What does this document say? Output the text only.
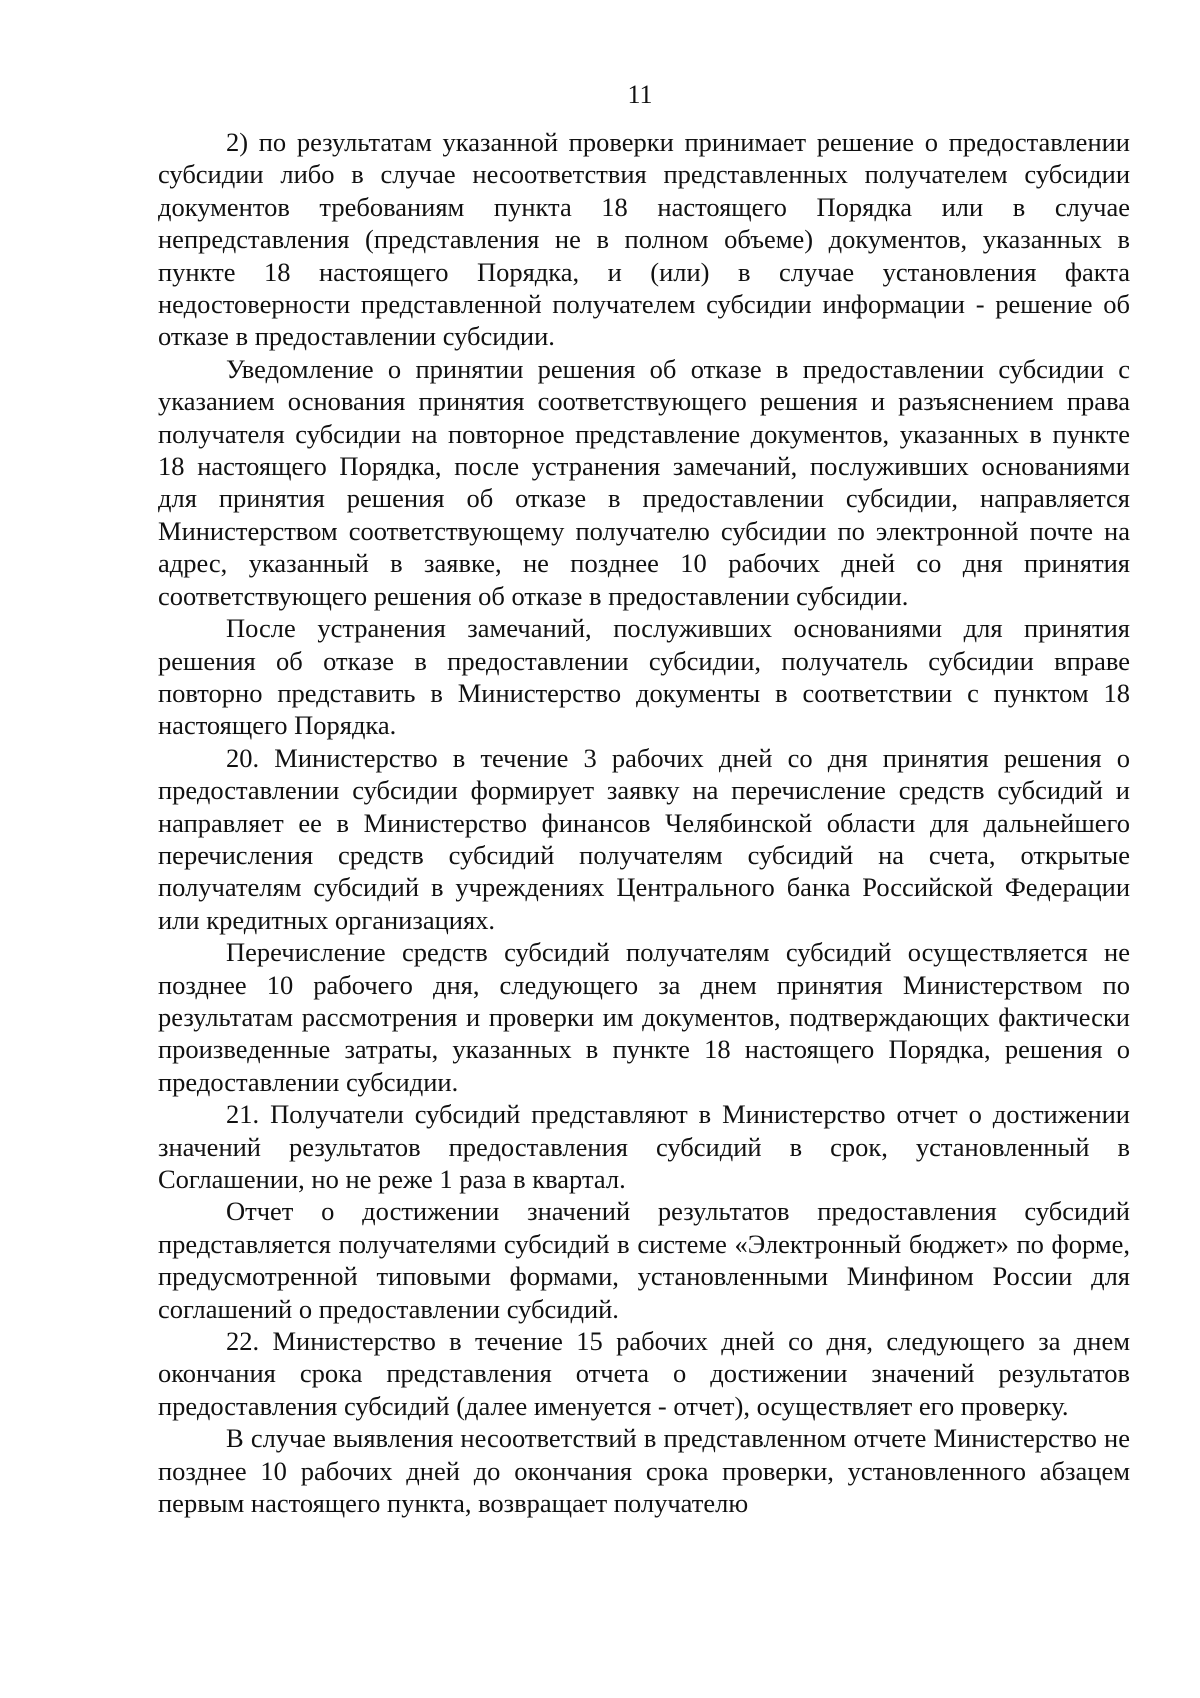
11

2) по результатам указанной проверки принимает решение о предоставлении субсидии либо в случае несоответствия представленных получателем субсидии документов требованиям пункта 18 настоящего Порядка или в случае непредставления (представления не в полном объеме) документов, указанных в пункте 18 настоящего Порядка, и (или) в случае установления факта недостоверности представленной получателем субсидии информации - решение об отказе в предоставлении субсидии.

Уведомление о принятии решения об отказе в предоставлении субсидии с указанием основания принятия соответствующего решения и разъяснением права получателя субсидии на повторное представление документов, указанных в пункте 18 настоящего Порядка, после устранения замечаний, послуживших основаниями для принятия решения об отказе в предоставлении субсидии, направляется Министерством соответствующему получателю субсидии по электронной почте на адрес, указанный в заявке, не позднее 10 рабочих дней со дня принятия соответствующего решения об отказе в предоставлении субсидии.

После устранения замечаний, послуживших основаниями для принятия решения об отказе в предоставлении субсидии, получатель субсидии вправе повторно представить в Министерство документы в соответствии с пунктом 18 настоящего Порядка.

20. Министерство в течение 3 рабочих дней со дня принятия решения о предоставлении субсидии формирует заявку на перечисление средств субсидий и направляет ее в Министерство финансов Челябинской области для дальнейшего перечисления средств субсидий получателям субсидий на счета, открытые получателям субсидий в учреждениях Центрального банка Российской Федерации или кредитных организациях.

Перечисление средств субсидий получателям субсидий осуществляется не позднее 10 рабочего дня, следующего за днем принятия Министерством по результатам рассмотрения и проверки им документов, подтверждающих фактически произведенные затраты, указанных в пункте 18 настоящего Порядка, решения о предоставлении субсидии.

21. Получатели субсидий представляют в Министерство отчет о достижении значений результатов предоставления субсидий в срок, установленный в Соглашении, но не реже 1 раза в квартал.

Отчет о достижении значений результатов предоставления субсидий представляется получателями субсидий в системе «Электронный бюджет» по форме, предусмотренной типовыми формами, установленными Минфином России для соглашений о предоставлении субсидий.

22. Министерство в течение 15 рабочих дней со дня, следующего за днем окончания срока представления отчета о достижении значений результатов предоставления субсидий (далее именуется - отчет), осуществляет его проверку.

В случае выявления несоответствий в представленном отчете Министерство не позднее 10 рабочих дней до окончания срока проверки, установленного абзацем первым настоящего пункта, возвращает получателю
